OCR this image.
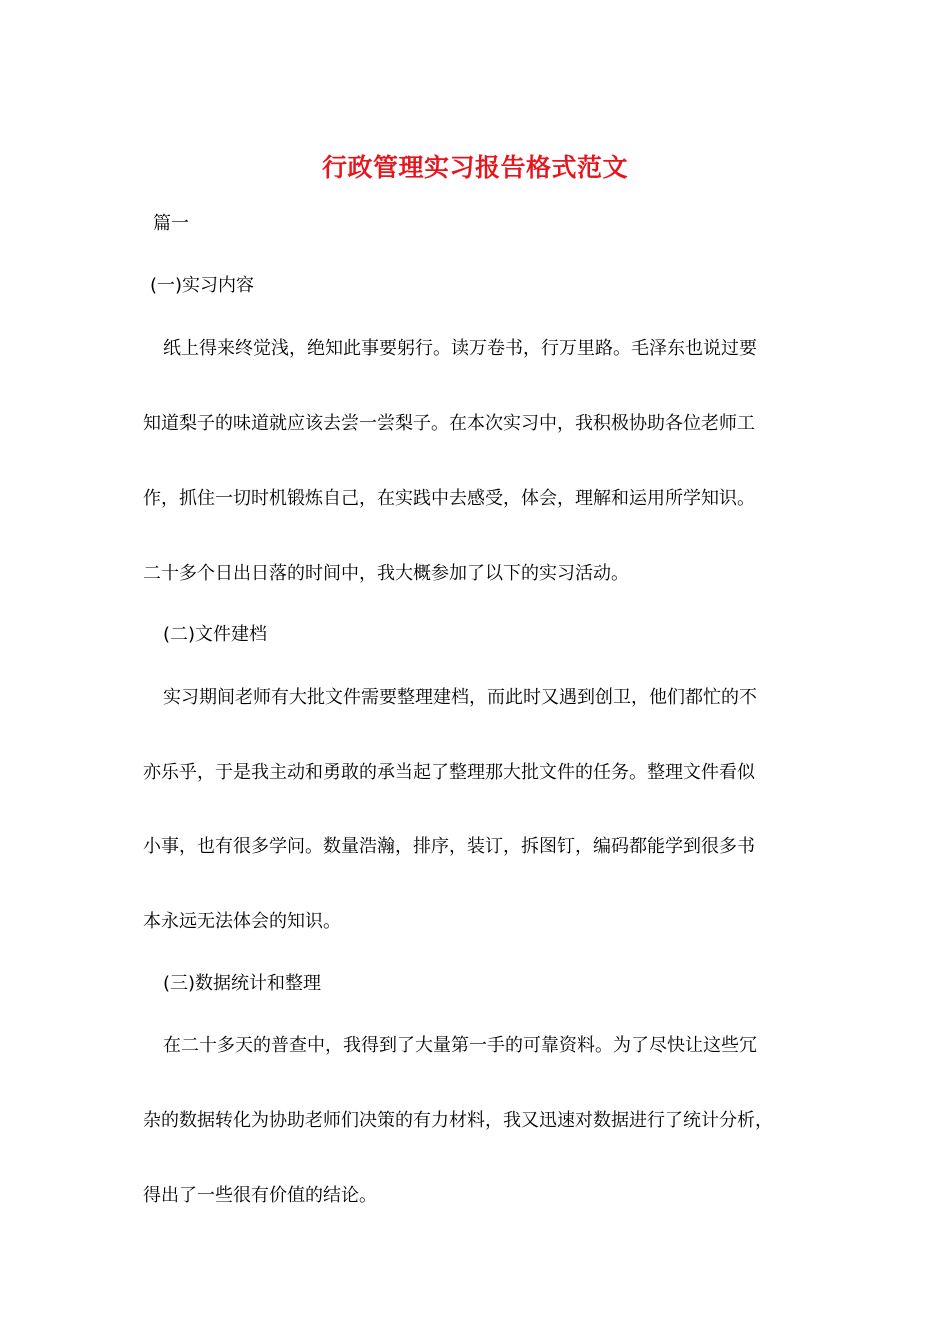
行政管理实习报告格式范文
篇一
(一)实习内容
纸上得来终觉浅，绝知此事要躬行。读万卷书，行万里路。毛泽东也说过要
知道梨子的味道就应该去尝一尝梨子。在本次实习中，我积极协助各位老师工
作，抓住一切时机锻炼自己，在实践中去感受，体会，理解和运用所学知识。
二十多个日出日落的时间中，我大概参加了以下的实习活动。
(二)文件建档
实习期间老师有大批文件需要整理建档，而此时又遇到创卫，他们都忙的不
亦乐乎，于是我主动和勇敢的承当起了整理那大批文件的任务。整理文件看似
小事，也有很多学问。数量浩瀚，排序，装订，拆图钉，编码都能学到很多书
本永远无法体会的知识。
(三)数据统计和整理
在二十多天的普查中，我得到了大量第一手的可靠资料。为了尽快让这些冗
杂的数据转化为协助老师们决策的有力材料，我又迅速对数据进行了统计分析，
得出了一些很有价值的结论。
